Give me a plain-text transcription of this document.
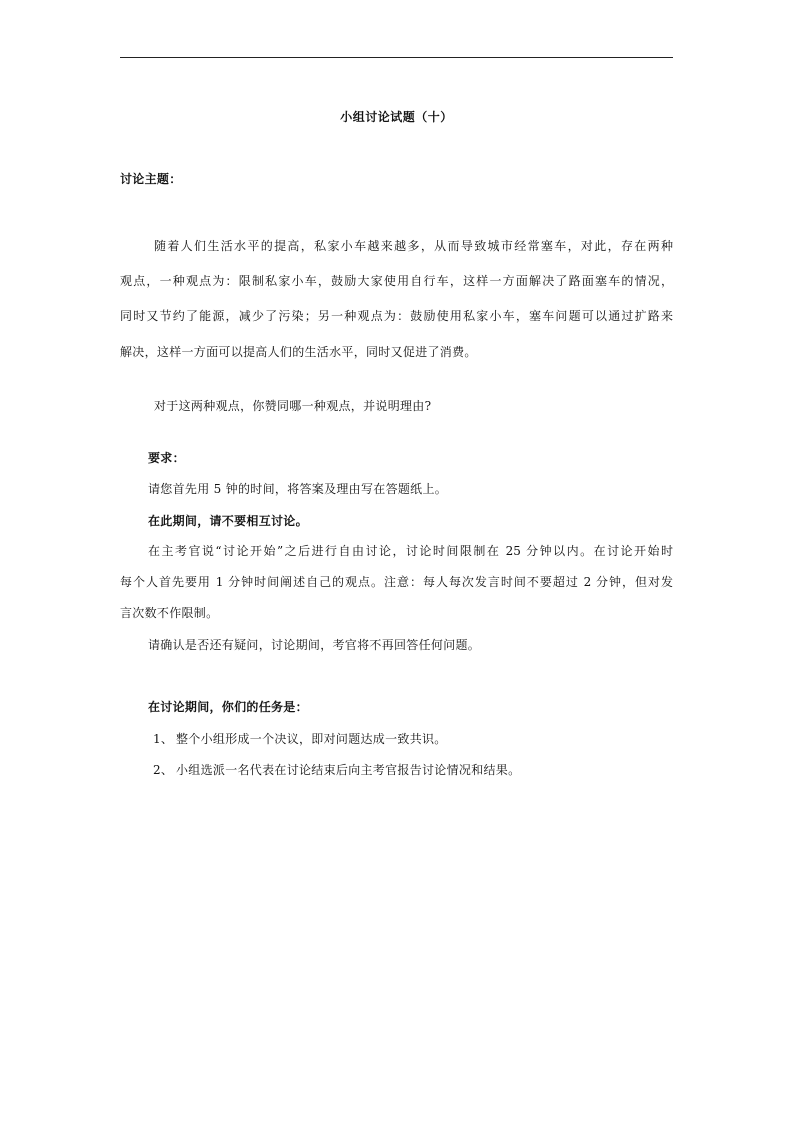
小组讨论试题（十）
讨论主题：
随着人们生活水平的提高，私家小车越来越多，从而导致城市经常塞车，对此，存在两种
观点，一种观点为：限制私家小车，鼓励大家使用自行车，这样一方面解决了路面塞车的情况，
同时又节约了能源，减少了污染；另一种观点为：鼓励使用私家小车，塞车问题可以通过扩路来
解决，这样一方面可以提高人们的生活水平，同时又促进了消费。
对于这两种观点，你赞同哪一种观点，并说明理由?
要求：
请您首先用 5 钟的时间，将答案及理由写在答题纸上。
在此期间，请不要相互讨论。
在主考官说“讨论开始”之后进行自由讨论，讨论时间限制在 25 分钟以内。在讨论开始时
每个人首先要用 1 分钟时间阐述自己的观点。注意：每人每次发言时间不要超过 2 分钟，但对发
言次数不作限制。
请确认是否还有疑问，讨论期间，考官将不再回答任何问题。
在讨论期间，你们的任务是：
1、 整个小组形成一个决议，即对问题达成一致共识。
2、 小组选派一名代表在讨论结束后向主考官报告讨论情况和结果。
